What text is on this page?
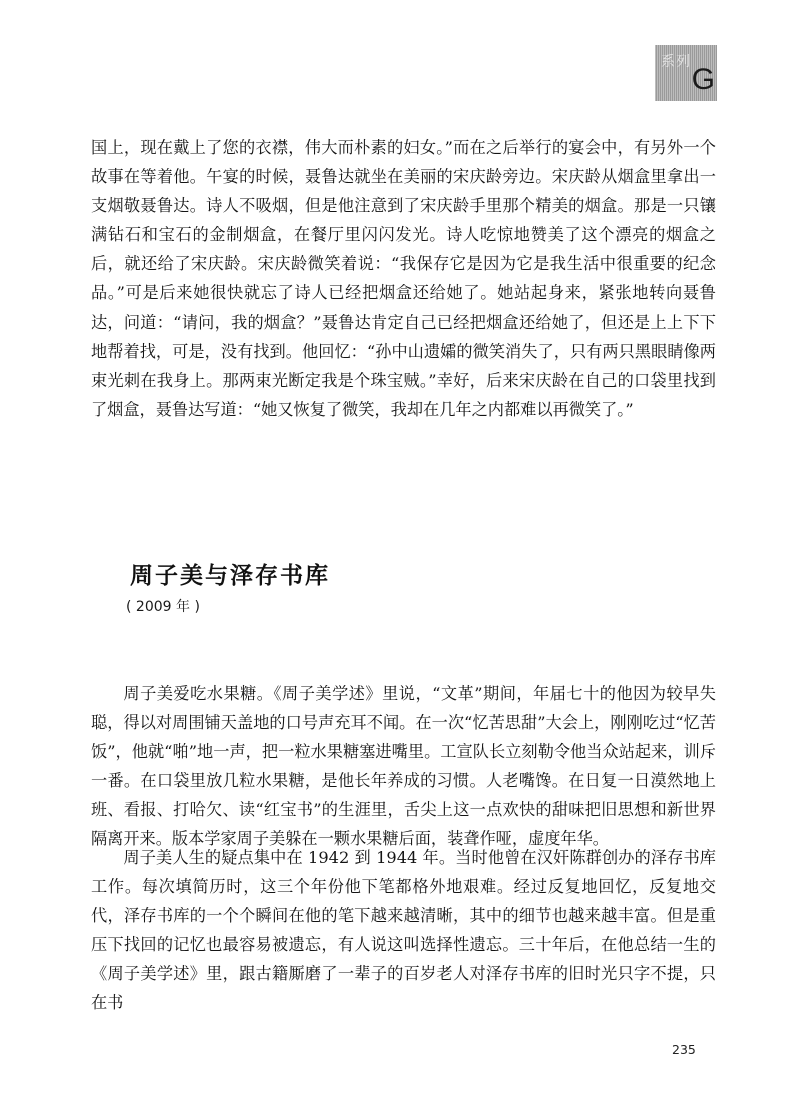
系列
G

国上，现在戴上了您的衣襟，伟大而朴素的妇女。”而在之后举行的宴会中，有另外一个故事在等着他。午宴的时候，聂鲁达就坐在美丽的宋庆龄旁边。宋庆龄从烟盒里拿出一支烟敬聂鲁达。诗人不吸烟，但是他注意到了宋庆龄手里那个精美的烟盒。那是一只镶满钻石和宝石的金制烟盒，在餐厅里闪闪发光。诗人吃惊地赞美了这个漂亮的烟盒之后，就还给了宋庆龄。宋庆龄微笑着说：“我保存它是因为它是我生活中很重要的纪念品。”可是后来她很快就忘了诗人已经把烟盒还给她了。她站起身来，紧张地转向聂鲁达，问道：“请问，我的烟盒？”聂鲁达肯定自己已经把烟盒还给她了，但还是上上下下地帮着找，可是，没有找到。他回忆：“孙中山遗孀的微笑消失了，只有两只黑眼睛像两束光刺在我身上。那两束光断定我是个珠宝贼。”幸好，后来宋庆龄在自己的口袋里找到了烟盒，聂鲁达写道：“她又恢复了微笑，我却在几年之内都难以再微笑了。”

周子美与泽存书库
( 2009 年 )

周子美爱吃水果糖。《周子美学述》里说，“文革”期间，年届七十的他因为较早失聪，得以对周围铺天盖地的口号声充耳不闻。在一次“忆苦思甜”大会上，刚刚吃过“忆苦饭”，他就“啪”地一声，把一粒水果糖塞进嘴里。工宣队长立刻勒令他当众站起来，训斥一番。在口袋里放几粒水果糖，是他长年养成的习惯。人老嘴馋。在日复一日漠然地上班、看报、打哈欠、读“红宝书”的生涯里，舌尖上这一点欢快的甜味把旧思想和新世界隔离开来。版本学家周子美躲在一颗水果糖后面，装聋作哑，虚度年华。

周子美人生的疑点集中在 1942 到 1944 年。当时他曾在汉奸陈群创办的泽存书库工作。每次填简历时，这三个年份他下笔都格外地艰难。经过反复地回忆，反复地交代，泽存书库的一个个瞬间在他的笔下越来越清晰，其中的细节也越来越丰富。但是重压下找回的记忆也最容易被遗忘，有人说这叫选择性遗忘。三十年后，在他总结一生的《周子美学述》里，跟古籍厮磨了一辈子的百岁老人对泽存书库的旧时光只字不提，只在书

235
